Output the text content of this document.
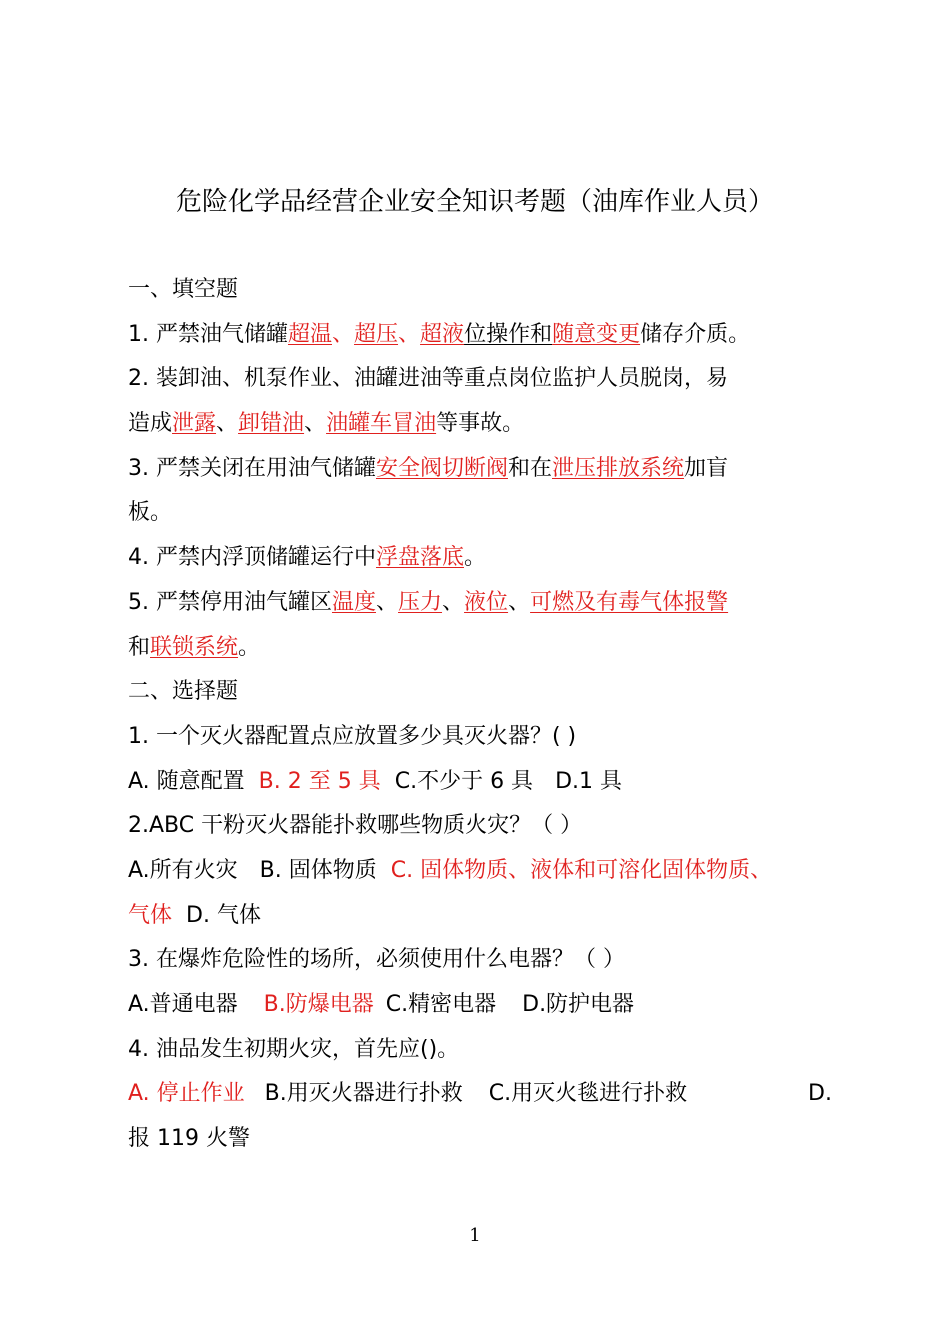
危险化学品经营企业安全知识考题（油库作业人员）
一、填空题
1. 严禁油气储罐超温、超压、超液位操作和随意变更储存介质。
2. 装卸油、机泵作业、油罐进油等重点岗位监护人员脱岗，易
造成泄露、卸错油、油罐车冒油等事故。
3. 严禁关闭在用油气储罐安全阀切断阀和在泄压排放系统加盲
板。
4. 严禁内浮顶储罐运行中浮盘落底。
5. 严禁停用油气罐区温度、压力、液位、可燃及有毒气体报警
和联锁系统。
二、选择题
1. 一个灭火器配置点应放置多少具灭火器？( )
A. 随意配置 B. 2 至 5 具 C.不少于 6 具 D.1 具
2.ABC 干粉灭火器能扑救哪些物质火灾？（ ）
A.所有火灾 B. 固体物质 C. 固体物质、液体和可溶化固体物质、
气体 D. 气体
3. 在爆炸危险性的场所，必须使用什么电器？（ ）
A.普通电器 B.防爆电器 C.精密电器 D.防护电器
4. 油品发生初期火灾，首先应()。
A. 停止作业 B.用灭火器进行扑救 C.用灭火毯进行扑救	D.
报 119 火警
1
